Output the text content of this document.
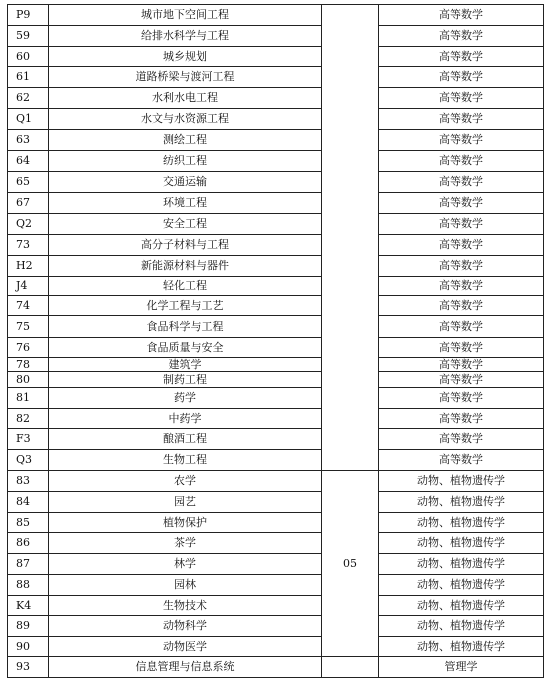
P9	城市地下空间工程		高等数学
59	给排水科学与工程		高等数学
60	城乡规划		高等数学
61	道路桥梁与渡河工程		高等数学
62	水利水电工程		高等数学
Q1	水文与水资源工程		高等数学
63	测绘工程		高等数学
64	纺织工程		高等数学
65	交通运输		高等数学
67	环境工程		高等数学
Q2	安全工程		高等数学
73	高分子材料与工程		高等数学
H2	新能源材料与器件		高等数学
J4	轻化工程		高等数学
74	化学工程与工艺		高等数学
75	食品科学与工程		高等数学
76	食品质量与安全		高等数学
78	建筑学		高等数学
80	制药工程		高等数学
81	药学		高等数学
82	中药学		高等数学
F3	酿酒工程		高等数学
Q3	生物工程		高等数学
83	农学	05	动物、植物遗传学
84	园艺		动物、植物遗传学
85	植物保护		动物、植物遗传学
86	茶学		动物、植物遗传学
87	林学		动物、植物遗传学
88	园林		动物、植物遗传学
K4	生物技术		动物、植物遗传学
89	动物科学		动物、植物遗传学
90	动物医学		动物、植物遗传学
93	信息管理与信息系统		管理学
